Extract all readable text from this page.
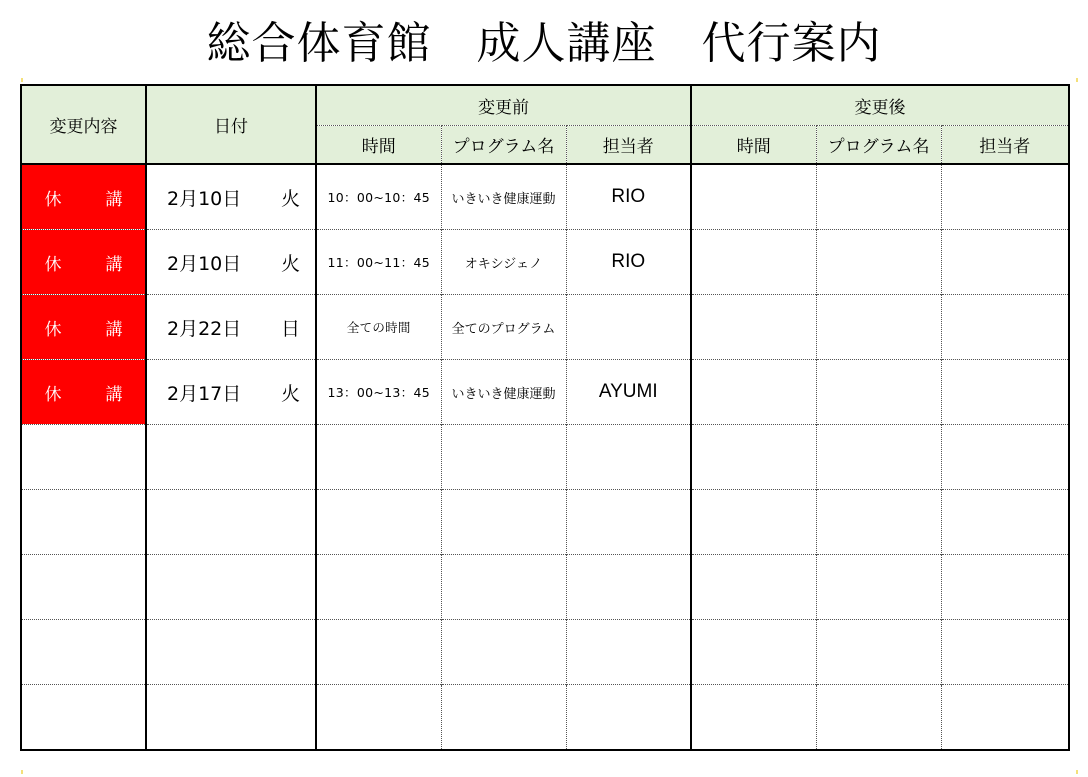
総合体育館　成人講座　代行案内
変更内容	日付	変更前			変更後		
		時間	プログラム名	担当者	時間	プログラム名	担当者
休 講	2月10日 火	10：00~10：45	いきいき健康運動	RIO			
休 講	2月10日 火	11：00~11：45	オキシジェノ	RIO			
休 講	2月22日 日	全ての時間	全てのプログラム				
休 講	2月17日 火	13：00~13：45	いきいき健康運動	AYUMI			
